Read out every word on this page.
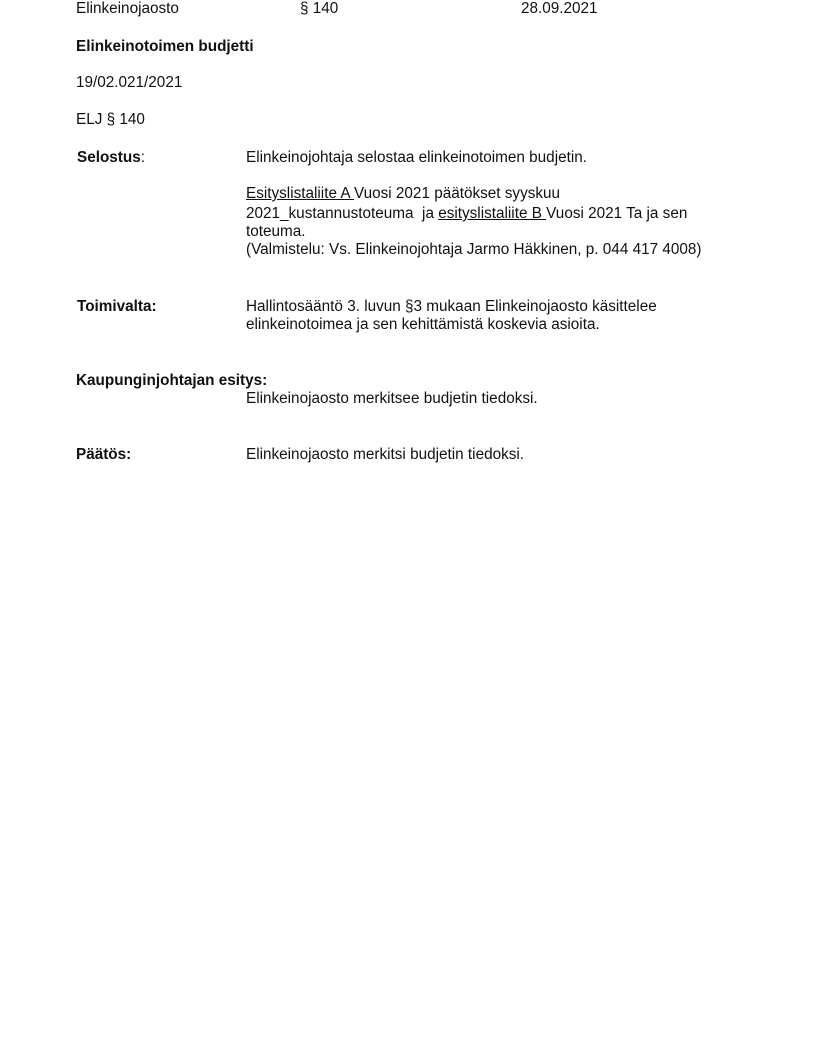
Elinkeinojaosto	§ 140	28.09.2021
Elinkeinotoimen budjetti
19/02.021/2021
ELJ § 140
Selostus:	Elinkeinojohtaja selostaa elinkeinotoimen budjetin.
Esityslistaliite A Vuosi 2021 päätökset syyskuu
2021_kustannustoteuma  ja esityslistaliite B Vuosi 2021 Ta ja sen
toteuma.
(Valmistelu: Vs. Elinkeinojohtaja Jarmo Häkkinen, p. 044 417 4008)
Toimivalta:	Hallintosääntö 3. luvun §3 mukaan Elinkeinojaosto käsittelee
elinkeinotoimea ja sen kehittämistä koskevia asioita.
Kaupunginjohtajan esitys:
Elinkeinojaosto merkitsee budjetin tiedoksi.
Päätös:	Elinkeinojaosto merkitsi budjetin tiedoksi.
